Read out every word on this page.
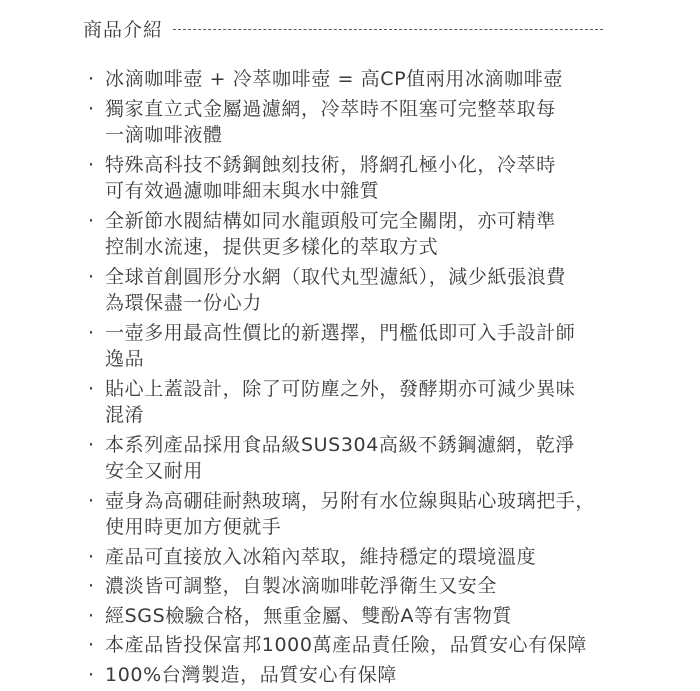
商品介紹
· 冰滴咖啡壺 + 冷萃咖啡壺 = 高CP值兩用冰滴咖啡壺
· 獨家直立式金屬過濾網，冷萃時不阻塞可完整萃取每
一滴咖啡液體
· 特殊高科技不銹鋼蝕刻技術，將網孔極小化，冷萃時
可有效過濾咖啡細末與水中雜質
· 全新節水閥結構如同水龍頭般可完全關閉，亦可精準
控制水流速，提供更多樣化的萃取方式
· 全球首創圓形分水網（取代丸型濾紙），減少紙張浪費
為環保盡一份心力
· 一壺多用最高性價比的新選擇，門檻低即可入手設計師
逸品
· 貼心上蓋設計，除了可防塵之外，發酵期亦可減少異味
混淆
· 本系列產品採用食品級SUS304高級不銹鋼濾網，乾淨
安全又耐用
· 壺身為高硼硅耐熱玻璃，另附有水位線與貼心玻璃把手，
使用時更加方便就手
· 產品可直接放入冰箱內萃取，維持穩定的環境溫度
· 濃淡皆可調整，自製冰滴咖啡乾淨衛生又安全
· 經SGS檢驗合格，無重金屬、雙酚A等有害物質
· 本產品皆投保富邦1000萬產品責任險，品質安心有保障
· 100%台灣製造，品質安心有保障
